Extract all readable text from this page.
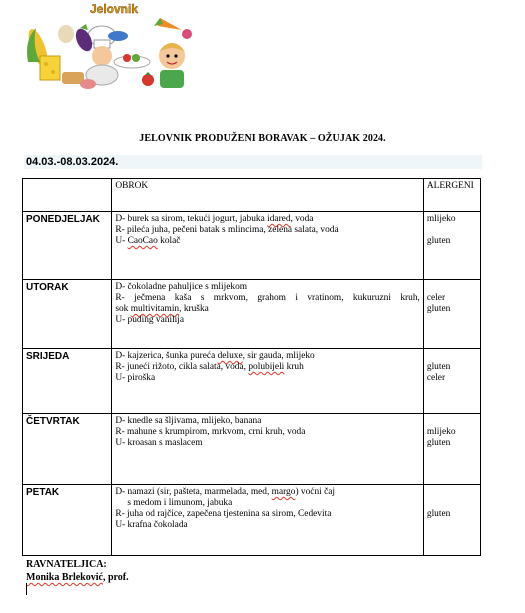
Jelovnik
JELOVNIK PRODUŽENI BORAVAK – OŽUJAK 2024.
04.03.-08.03.2024.
	OBROK	ALERGENI
PONEDJELJAK	D- burek sa sirom, tekući jogurt, jabuka idared, voda
R- pileća juha, pečeni batak s mlincima, zelena salata, voda
U- CaoCao kolač	mlijeko
gluten

UTORAK	D- čokoladne pahuljice s mlijekom
R- ječmena kaša s mrkvom, grahom i vratinom, kukuruzni kruh,
sok multivitamin, kruška
U- puding vanilija	celer
gluten

SRIJEDA	D- kajzerica, šunka pureća deluxe, sir gauda, mlijeko
R- juneći rižoto, cikla salata, voda, polubijeli kruh
U- piroška	gluten
celer

ČETVRTAK	D- knedle sa šljivama, mlijeko, banana
R- mahune s krumpirom, mrkvom, crni kruh, voda
U- kroasan s maslacem	mlijeko
gluten

PETAK	D- namazi (sir, pašteta, marmelada, med, margo) voćni čaj
s medom i limunom, jabuka
R- juha od rajčice, zapečena tjestenina sa sirom, Cedevita
U- krafna čokolada	gluten
RAVNATELJICA:
Monika Brleković, prof.
